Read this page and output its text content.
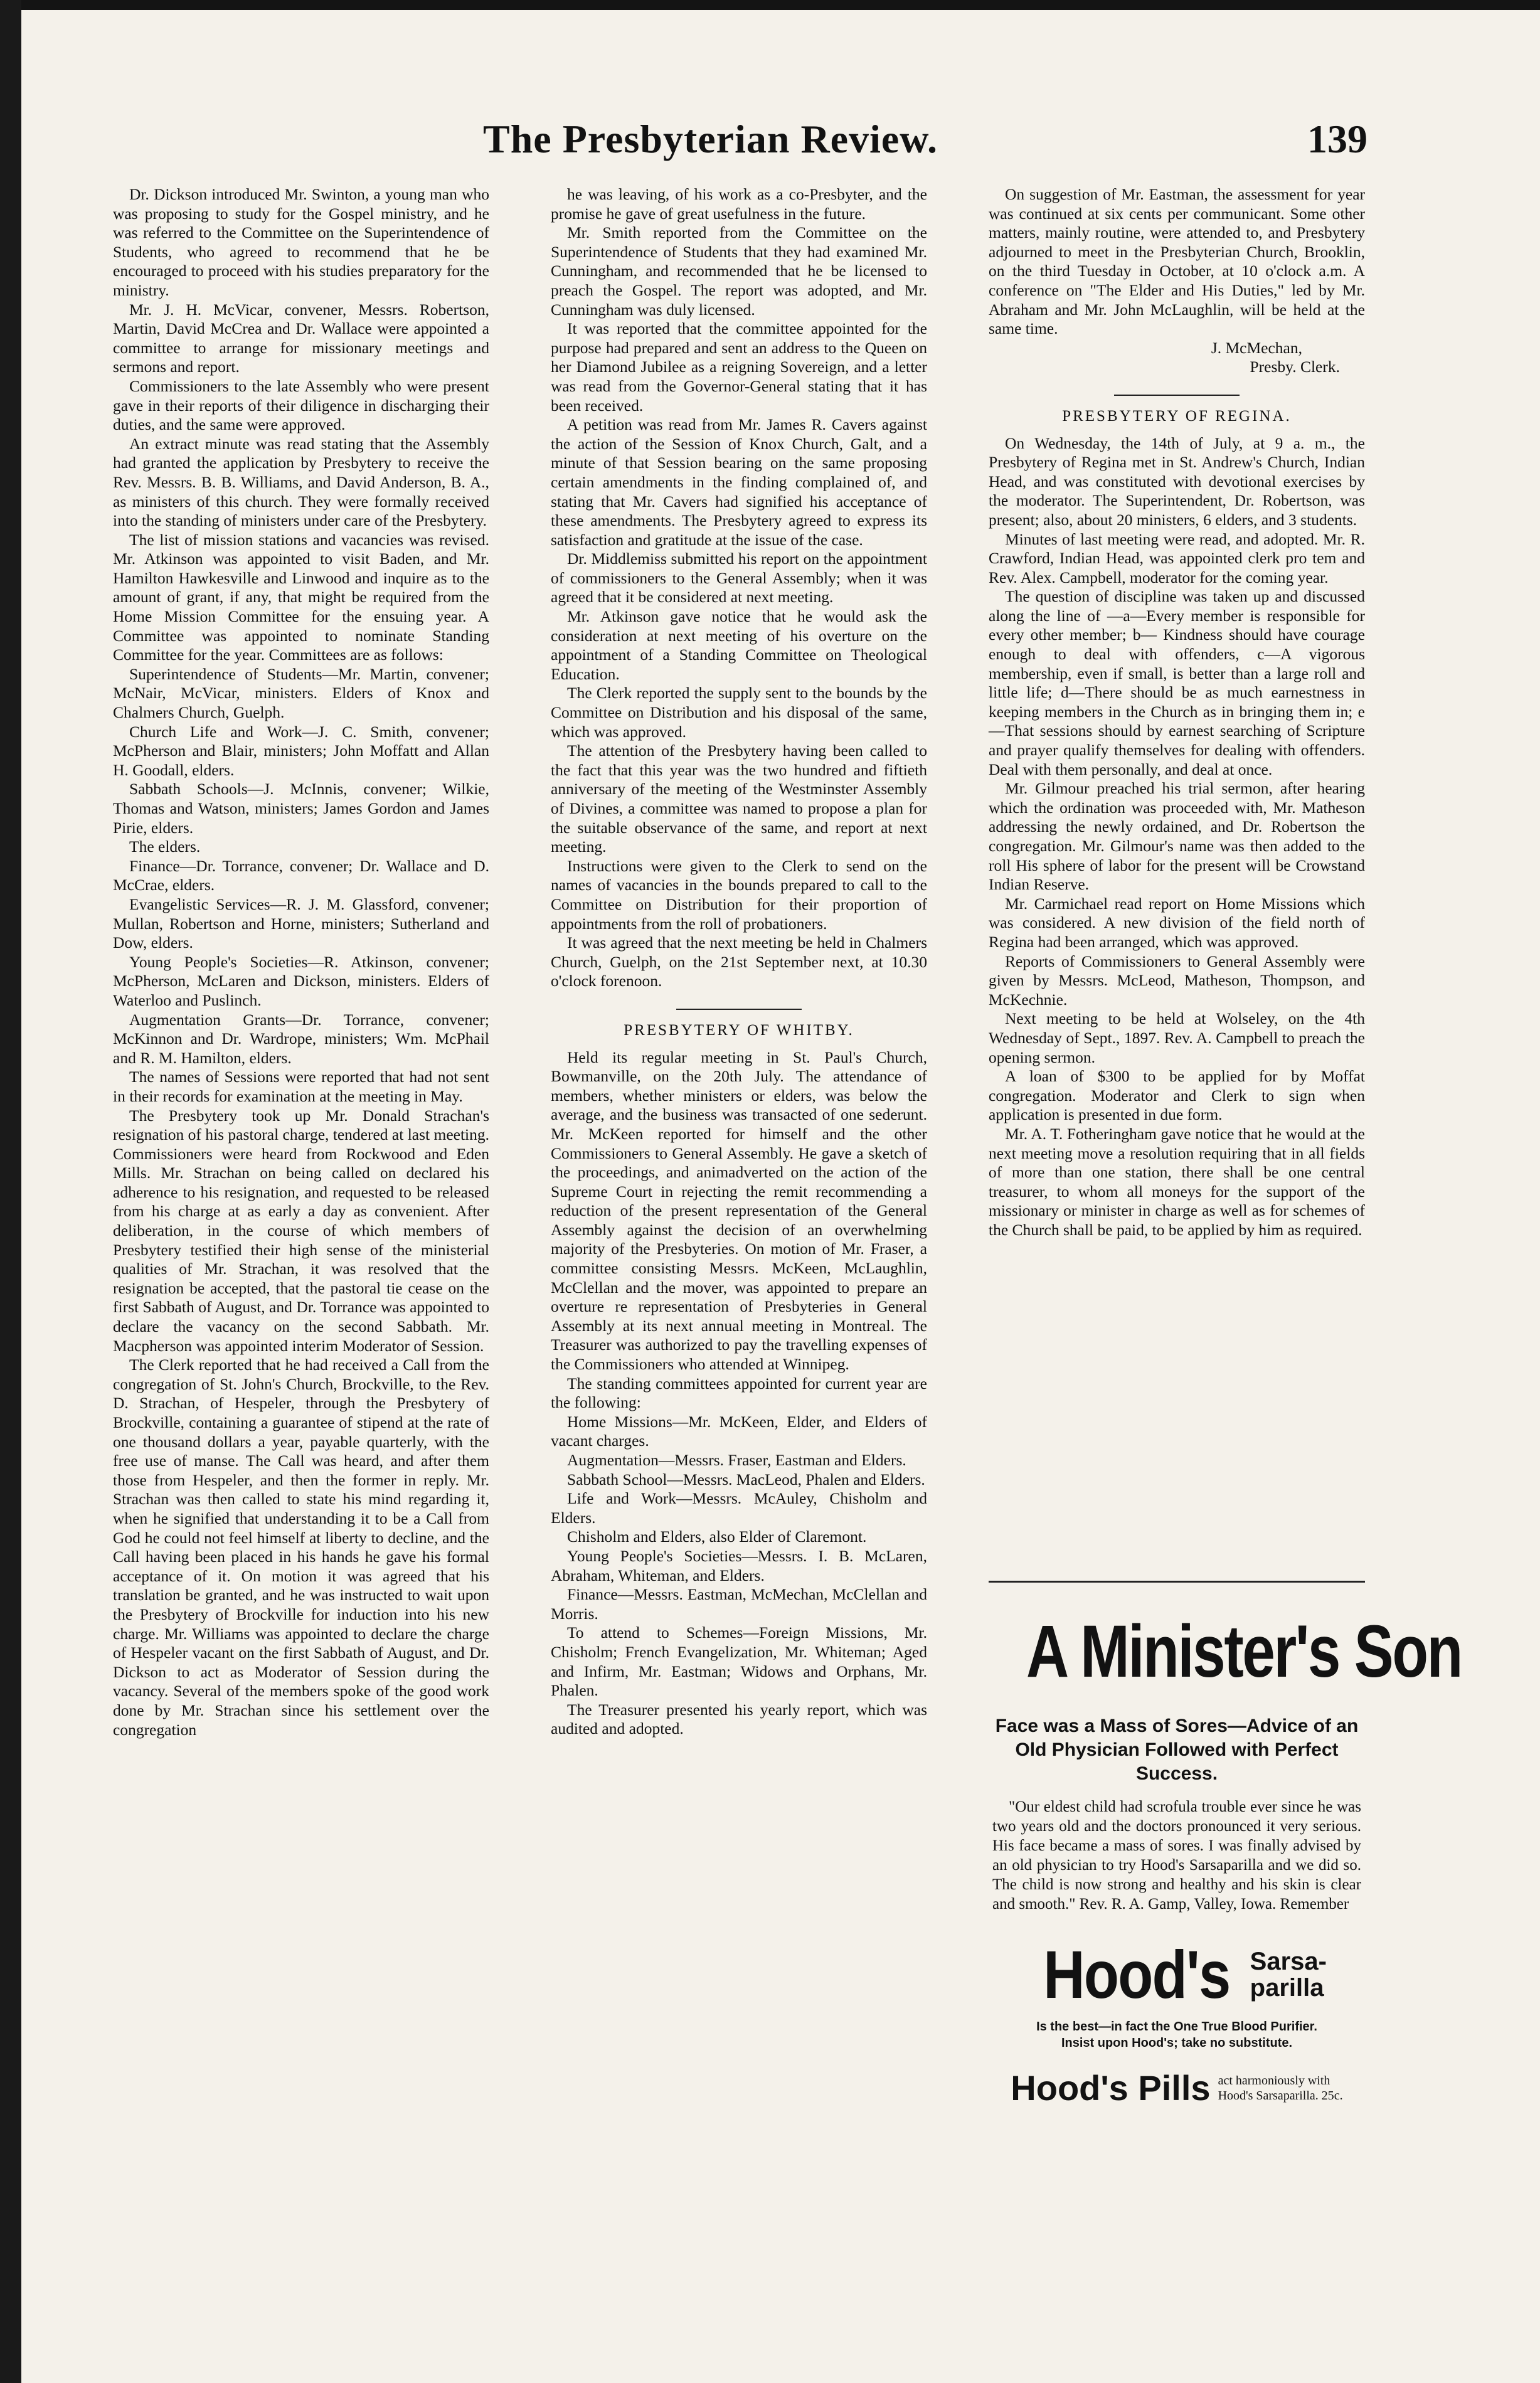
The Presbyterian Review.	139

Dr. Dickson introduced Mr. Swinton, a young man who was proposing to study for the Gospel ministry, and he was referred to the Committee on the Superintendence of Students, who agreed to recommend that he be encouraged to proceed with his studies preparatory for the ministry.

Mr. J. H. McVicar, convener, Messrs. Robertson, Martin, David McCrea and Dr. Wallace were appointed a committee to arrange for missionary meetings and sermons and report.

Commissioners to the late Assembly who were present gave in their reports of their diligence in discharging their duties, and the same were approved.

An extract minute was read stating that the Assembly had granted the application by Presbytery to receive the Rev. Messrs. B. B. Williams, and David Anderson, B. A., as ministers of this church. They were formally received into the standing of ministers under care of the Presbytery.

The list of mission stations and vacancies was revised. Mr. Atkinson was appointed to visit Baden, and Mr. Hamilton Hawkesville and Linwood and inquire as to the amount of grant, if any, that might be required from the Home Mission Committee for the ensuing year. A Committee was appointed to nominate Standing Committee for the year. Committees are as follows:

Superintendence of Students—Mr. Martin, convener; McNair, McVicar, ministers. Elders of Knox and Chalmers Church, Guelph.

Church Life and Work—J. C. Smith, convener; McPherson and Blair, ministers; John Moffatt and Allan H. Goodall, elders.

Sabbath Schools—J. McInnis, convener; Wilkie, Thomas and Watson, ministers; James Gordon and James Pirie, elders.

The elders.

Finance—Dr. Torrance, convener; Dr. Wallace and D. McCrae, elders.

Evangelistic Services—R. J. M. Glassford, convener; Mullan, Robertson and Horne, ministers; Sutherland and Dow, elders.

Young People's Societies—R. Atkinson, convener; McPherson, McLaren and Dickson, ministers. Elders of Waterloo and Puslinch.

Augmentation Grants—Dr. Torrance, convener; McKinnon and Dr. Wardrope, ministers; Wm. McPhail and R. M. Hamilton, elders.

The names of Sessions were reported that had not sent in their records for examination at the meeting in May.

The Presbytery took up Mr. Donald Strachan's resignation of his pastoral charge, tendered at last meeting. Commissioners were heard from Rockwood and Eden Mills. Mr. Strachan on being called on declared his adherence to his resignation, and requested to be released from his charge at as early a day as convenient. After deliberation, in the course of which members of Presbytery testified their high sense of the ministerial qualities of Mr. Strachan, it was resolved that the resignation be accepted, that the pastoral tie cease on the first Sabbath of August, and Dr. Torrance was appointed to declare the vacancy on the second Sabbath. Mr. Macpherson was appointed interim Moderator of Session.

The Clerk reported that he had received a Call from the congregation of St. John's Church, Brockville, to the Rev. D. Strachan, of Hespeler, through the Presbytery of Brockville, containing a guarantee of stipend at the rate of one thousand dollars a year, payable quarterly, with the free use of manse. The Call was heard, and after them those from Hespeler, and then the former in reply. Mr. Strachan was then called to state his mind regarding it, when he signified that understanding it to be a Call from God he could not feel himself at liberty to decline, and the Call having been placed in his hands he gave his formal acceptance of it. On motion it was agreed that his translation be granted, and he was instructed to wait upon the Presbytery of Brockville for induction into his new charge. Mr. Williams was appointed to declare the charge of Hespeler vacant on the first Sabbath of August, and Dr. Dickson to act as Moderator of Session during the vacancy. Several of the members spoke of the good work done by Mr. Strachan since his settlement over the congregation

he was leaving, of his work as a co-Presbyter, and the promise he gave of great usefulness in the future.

Mr. Smith reported from the Committee on the Superintendence of Students that they had examined Mr. Cunningham, and recommended that he be licensed to preach the Gospel. The report was adopted, and Mr. Cunningham was duly licensed.

It was reported that the committee appointed for the purpose had prepared and sent an address to the Queen on her Diamond Jubilee as a reigning Sovereign, and a letter was read from the Governor-General stating that it has been received.

A petition was read from Mr. James R. Cavers against the action of the Session of Knox Church, Galt, and a minute of that Session bearing on the same proposing certain amendments in the finding complained of, and stating that Mr. Cavers had signified his acceptance of these amendments. The Presbytery agreed to express its satisfaction and gratitude at the issue of the case.

Dr. Middlemiss submitted his report on the appointment of commissioners to the General Assembly; when it was agreed that it be considered at next meeting.

Mr. Atkinson gave notice that he would ask the consideration at next meeting of his overture on the appointment of a Standing Committee on Theological Education.

The Clerk reported the supply sent to the bounds by the Committee on Distribution and his disposal of the same, which was approved.

The attention of the Presbytery having been called to the fact that this year was the two hundred and fiftieth anniversary of the meeting of the Westminster Assembly of Divines, a committee was named to propose a plan for the suitable observance of the same, and report at next meeting.

Instructions were given to the Clerk to send on the names of vacancies in the bounds prepared to call to the Committee on Distribution for their proportion of appointments from the roll of probationers.

It was agreed that the next meeting be held in Chalmers Church, Guelph, on the 21st September next, at 10.30 o'clock forenoon.

PRESBYTERY OF WHITBY.

Held its regular meeting in St. Paul's Church, Bowmanville, on the 20th July. The attendance of members, whether ministers or elders, was below the average, and the business was transacted of one sederunt. Mr. McKeen reported for himself and the other Commissioners to General Assembly. He gave a sketch of the proceedings, and animadverted on the action of the Supreme Court in rejecting the remit recommending a reduction of the present representation of the General Assembly against the decision of an overwhelming majority of the Presbyteries. On motion of Mr. Fraser, a committee consisting Messrs. McKeen, McLaughlin, McClellan and the mover, was appointed to prepare an overture re representation of Presbyteries in General Assembly at its next annual meeting in Montreal. The Treasurer was authorized to pay the travelling expenses of the Commissioners who attended at Winnipeg.

The standing committees appointed for current year are the following:

Home Missions—Mr. McKeen, Elder, and Elders of vacant charges.

Augmentation—Messrs. Fraser, Eastman and Elders.

Sabbath School—Messrs. MacLeod, Phalen and Elders.

Life and Work—Messrs. McAuley, Chisholm and Elders.

Chisholm and Elders, also Elder of Claremont.

Young People's Societies—Messrs. I. B. McLaren, Abraham, Whiteman, and Elders.

Finance—Messrs. Eastman, McMechan, McClellan and Morris.

To attend to Schemes—Foreign Missions, Mr. Chisholm; French Evangelization, Mr. Whiteman; Aged and Infirm, Mr. Eastman; Widows and Orphans, Mr. Phalen.

The Treasurer presented his yearly report, which was audited and adopted.

On suggestion of Mr. Eastman, the assessment for year was continued at six cents per communicant. Some other matters, mainly routine, were attended to, and Presbytery adjourned to meet in the Presbyterian Church, Brooklin, on the third Tuesday in October, at 10 o'clock a.m. A conference on "The Elder and His Duties," led by Mr. Abraham and Mr. John McLaughlin, will be held at the same time.

J. McMechan,
Presby. Clerk.
PRESBYTERY OF REGINA.

On Wednesday, the 14th of July, at 9 a. m., the Presbytery of Regina met in St. Andrew's Church, Indian Head, and was constituted with devotional exercises by the moderator. The Superintendent, Dr. Robertson, was present; also, about 20 ministers, 6 elders, and 3 students.

Minutes of last meeting were read, and adopted. Mr. R. Crawford, Indian Head, was appointed clerk pro tem and Rev. Alex. Campbell, moderator for the coming year.

The question of discipline was taken up and discussed along the line of —a—Every member is responsible for every other member; b— Kindness should have courage enough to deal with offenders, c—A vigorous membership, even if small, is better than a large roll and little life; d—There should be as much earnestness in keeping members in the Church as in bringing them in; e—That sessions should by earnest searching of Scripture and prayer qualify themselves for dealing with offenders. Deal with them personally, and deal at once.

Mr. Gilmour preached his trial sermon, after hearing which the ordination was proceeded with, Mr. Matheson addressing the newly ordained, and Dr. Robertson the congregation. Mr. Gilmour's name was then added to the roll His sphere of labor for the present will be Crowstand Indian Reserve.

Mr. Carmichael read report on Home Missions which was considered. A new division of the field north of Regina had been arranged, which was approved.

Reports of Commissioners to General Assembly were given by Messrs. McLeod, Matheson, Thompson, and McKechnie.

Next meeting to be held at Wolseley, on the 4th Wednesday of Sept., 1897. Rev. A. Campbell to preach the opening sermon.

A loan of $300 to be applied for by Moffat congregation. Moderator and Clerk to sign when application is presented in due form.

Mr. A. T. Fotheringham gave notice that he would at the next meeting move a resolution requiring that in all fields of more than one station, there shall be one central treasurer, to whom all moneys for the support of the missionary or minister in charge as well as for schemes of the Church shall be paid, to be applied by him as required.

A Minister's Son
Face was a Mass of Sores—Advice of an Old Physician Followed with Perfect Success.

"Our eldest child had scrofula trouble ever since he was two years old and the doctors pronounced it very serious. His face became a mass of sores. I was finally advised by an old physician to try Hood's Sarsaparilla and we did so. The child is now strong and healthy and his skin is clear and smooth." Rev. R. A. Gamp, Valley, Iowa. Remember

Hood's Sarsa-
parilla
Is the best—in fact the One True Blood Purifier.
Insist upon Hood's; take no substitute.
Hood's Pills act harmoniously with
Hood's Sarsaparilla. 25c.
